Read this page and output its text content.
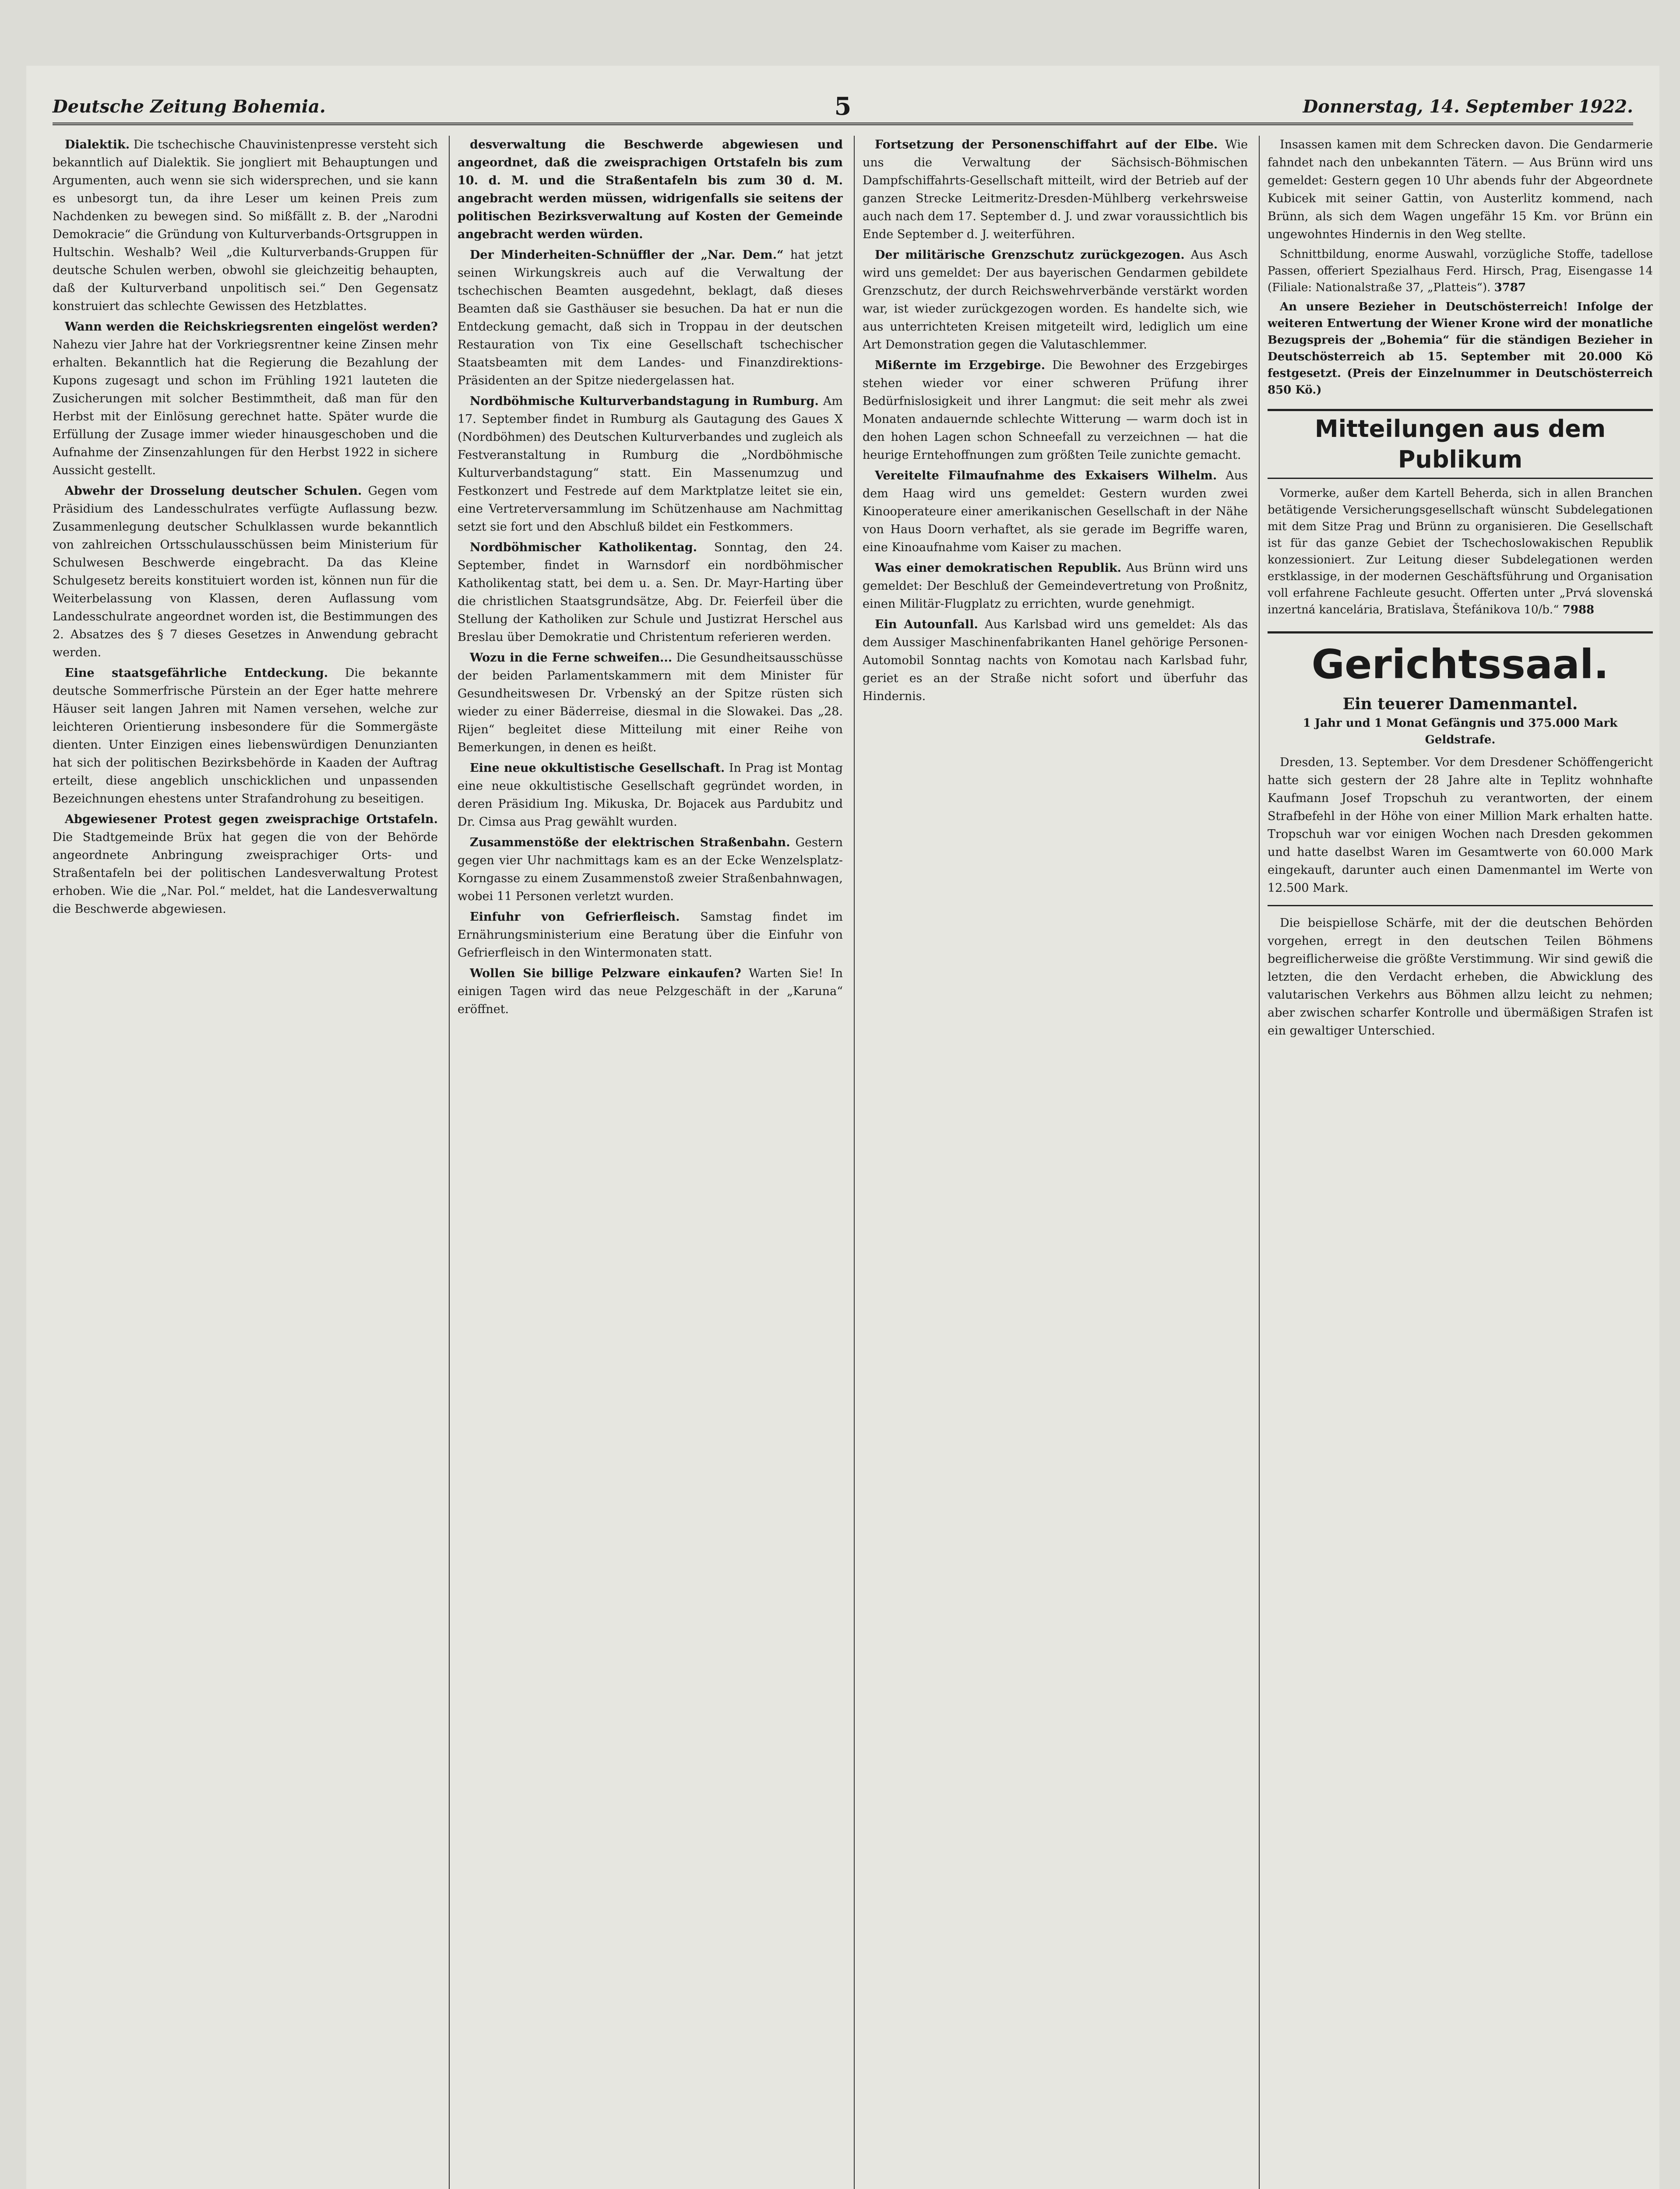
Deutsche Zeitung Bohemia.	5	Donnerstag, 14. September 1922.

Dialektik. Die tschechische Chauvinistenpresse versteht sich bekanntlich auf Dialektik. Sie jongliert mit Behauptungen und Argumenten, auch wenn sie sich widersprechen, und sie kann es unbesorgt tun, da ihre Leser um keinen Preis zum Nachdenken zu bewegen sind. So mißfällt z. B. der „Narodni Demokracie“ die Gründung von Kulturverbands-Ortsgruppen in Hultschin. Weshalb? Weil „die Kulturverbands-Gruppen für deutsche Schulen werben, obwohl sie gleichzeitig behaupten, daß der Kulturverband unpolitisch sei.“ Den Gegensatz konstruiert das schlechte Gewissen des Hetzblattes.

Wann werden die Reichskriegsrenten eingelöst werden? Nahezu vier Jahre hat der Vorkriegsrentner keine Zinsen mehr erhalten. Bekanntlich hat die Regierung die Bezahlung der Kupons zugesagt und schon im Frühling 1921 lauteten die Zusicherungen mit solcher Bestimmtheit, daß man für den Herbst mit der Einlösung gerechnet hatte. Später wurde die Erfüllung der Zusage immer wieder hinausgeschoben und die Aufnahme der Zinsenzahlungen für den Herbst 1922 in sichere Aussicht gestellt.

Abwehr der Drosselung deutscher Schulen. Gegen vom Präsidium des Landesschulrates verfügte Auflassung bezw. Zusammenlegung deutscher Schulklassen wurde bekanntlich von zahlreichen Ortsschulausschüssen beim Ministerium für Schulwesen Beschwerde eingebracht. Da das Kleine Schulgesetz bereits konstituiert worden ist, können nun für die Weiterbelassung von Klassen, deren Auflassung vom Landesschulrate angeordnet worden ist, die Bestimmungen des 2. Absatzes des § 7 dieses Gesetzes in Anwendung gebracht werden.

Eine staatsgefährliche Entdeckung. Die bekannte deutsche Sommerfrische Pürstein an der Eger hatte mehrere Häuser seit langen Jahren mit Namen versehen, welche zur leichteren Orientierung insbesondere für die Sommergäste dienten. Unter Einzigen eines liebenswürdigen Denunzianten hat sich der politischen Bezirksbehörde in Kaaden der Auftrag erteilt, diese angeblich unschicklichen und unpassenden Bezeichnungen ehestens unter Strafandrohung zu beseitigen.

Abgewiesener Protest gegen zweisprachige Ortstafeln. Die Stadtgemeinde Brüx hat gegen die von der Behörde angeordnete Anbringung zweisprachiger Orts- und Straßentafeln bei der politischen Landesverwaltung Protest erhoben. Wie die „Nar. Pol.“ meldet, hat die Landesverwaltung die Beschwerde abgewiesen.

desverwaltung die Beschwerde abgewiesen und angeordnet, daß die zweisprachigen Ortstafeln bis zum 10. d. M. und die Straßentafeln bis zum 30 d. M. angebracht werden müssen, widrigenfalls sie seitens der politischen Bezirksverwaltung auf Kosten der Gemeinde angebracht werden würden.

Der Minderheiten-Schnüffler der „Nar. Dem.“ hat jetzt seinen Wirkungskreis auch auf die Verwaltung der tschechischen Beamten ausgedehnt, beklagt, daß dieses Beamten daß sie Gasthäuser sie besuchen. Da hat er nun die Entdeckung gemacht, daß sich in Troppau in der deutschen Restauration von Tix eine Gesellschaft tschechischer Staatsbeamten mit dem Landes- und Finanzdirektions-Präsidenten an der Spitze niedergelassen hat.

Nordböhmische Kulturverbandstagung in Rumburg. Am 17. September findet in Rumburg als Gautagung des Gaues X (Nordböhmen) des Deutschen Kulturverbandes und zugleich als Festveranstaltung in Rumburg die „Nordböhmische Kulturverbandstagung“ statt. Ein Massenumzug und Festkonzert und Festrede auf dem Marktplatze leitet sie ein, eine Vertreterversammlung im Schützenhause am Nachmittag setzt sie fort und den Abschluß bildet ein Festkommers.

Nordböhmischer Katholikentag. Sonntag, den 24. September, findet in Warnsdorf ein nordböhmischer Katholikentag statt, bei dem u. a. Sen. Dr. Mayr-Harting über die christlichen Staatsgrundsätze, Abg. Dr. Feierfeil über die Stellung der Katholiken zur Schule und Justizrat Herschel aus Breslau über Demokratie und Christentum referieren werden.

Wozu in die Ferne schweifen... Die Gesundheitsausschüsse der beiden Parlamentskammern mit dem Minister für Gesundheitswesen Dr. Vrbenský an der Spitze rüsten sich wieder zu einer Bäderreise, diesmal in die Slowakei. Das „28. Rijen“ begleitet diese Mitteilung mit einer Reihe von Bemerkungen, in denen es heißt.

Eine neue okkultistische Gesellschaft. In Prag ist Montag eine neue okkultistische Gesellschaft gegründet worden, in deren Präsidium Ing. Mikuska, Dr. Bojacek aus Pardubitz und Dr. Cimsa aus Prag gewählt wurden.

Zusammenstöße der elektrischen Straßenbahn. Gestern gegen vier Uhr nachmittags kam es an der Ecke Wenzelsplatz-Korngasse zu einem Zusammenstoß zweier Straßenbahnwagen, wobei 11 Personen verletzt wurden.

Einfuhr von Gefrierfleisch. Samstag findet im Ernährungsministerium eine Beratung über die Einfuhr von Gefrierfleisch in den Wintermonaten statt.

Wollen Sie billige Pelzware einkaufen? Warten Sie! In einigen Tagen wird das neue Pelzgeschäft in der „Karuna“ eröffnet.

Fortsetzung der Personenschiffahrt auf der Elbe. Wie uns die Verwaltung der Sächsisch-Böhmischen Dampfschiffahrts-Gesellschaft mitteilt, wird der Betrieb auf der ganzen Strecke Leitmeritz-Dresden-Mühlberg verkehrsweise auch nach dem 17. September d. J. und zwar voraussichtlich bis Ende September d. J. weiterführen.

Der militärische Grenzschutz zurückgezogen. Aus Asch wird uns gemeldet: Der aus bayerischen Gendarmen gebildete Grenzschutz, der durch Reichswehrverbände verstärkt worden war, ist wieder zurückgezogen worden. Es handelte sich, wie aus unterrichteten Kreisen mitgeteilt wird, lediglich um eine Art Demonstration gegen die Valutaschlemmer.

Mißernte im Erzgebirge. Die Bewohner des Erzgebirges stehen wieder vor einer schweren Prüfung ihrer Bedürfnislosigkeit und ihrer Langmut: die seit mehr als zwei Monaten andauernde schlechte Witterung — warm doch ist in den hohen Lagen schon Schneefall zu verzeichnen — hat die heurige Erntehoffnungen zum größten Teile zunichte gemacht.

Vereitelte Filmaufnahme des Exkaisers Wilhelm. Aus dem Haag wird uns gemeldet: Gestern wurden zwei Kinooperateure einer amerikanischen Gesellschaft in der Nähe von Haus Doorn verhaftet, als sie gerade im Begriffe waren, eine Kinoaufnahme vom Kaiser zu machen.

Was einer demokratischen Republik. Aus Brünn wird uns gemeldet: Der Beschluß der Gemeindevertretung von Proßnitz, einen Militär-Flugplatz zu errichten, wurde genehmigt.

Ein Autounfall. Aus Karlsbad wird uns gemeldet: Als das dem Aussiger Maschinenfabrikanten Hanel gehörige Personen-Automobil Sonntag nachts von Komotau nach Karlsbad fuhr, geriet es an der Straße nicht sofort und überfuhr das Hindernis.

Insassen kamen mit dem Schrecken davon. Die Gendarmerie fahndet nach den unbekannten Tätern. — Aus Brünn wird uns gemeldet: Gestern gegen 10 Uhr abends fuhr der Abgeordnete Kubicek mit seiner Gattin, von Austerlitz kommend, nach Brünn, als sich dem Wagen ungefähr 15 Km. vor Brünn ein ungewohntes Hindernis in den Weg stellte.

Schnittbildung, enorme Auswahl, vorzügliche Stoffe, tadellose Passen, offeriert Spezialhaus Ferd. Hirsch, Prag, Eisengasse 14 (Filiale: Nationalstraße 37, „Platteis“). 3787

An unsere Bezieher in Deutschösterreich! Infolge der weiteren Entwertung der Wiener Krone wird der monatliche Bezugspreis der „Bohemia“ für die ständigen Bezieher in Deutschösterreich ab 15. September mit 20.000 Kö festgesetzt. (Preis der Einzelnummer in Deutschösterreich 850 Kö.)

Mitteilungen aus dem Publikum

Vormerke, außer dem Kartell Beherda, sich in allen Branchen betätigende Versicherungsgesellschaft wünscht Subdelegationen mit dem Sitze Prag und Brünn zu organisieren. Die Gesellschaft ist für das ganze Gebiet der Tschechoslowakischen Republik konzessioniert. Zur Leitung dieser Subdelegationen werden erstklassige, in der modernen Geschäftsführung und Organisation voll erfahrene Fachleute gesucht. Offerten unter „Prvá slovenská inzertná kancelária, Bratislava, Štefánikova 10/b.“ 7988

Gerichtssaal.
Ein teuerer Damenmantel.
1 Jahr und 1 Monat Gefängnis und 375.000 Mark Geldstrafe.

Dresden, 13. September. Vor dem Dresdener Schöffengericht hatte sich gestern der 28 Jahre alte in Teplitz wohnhafte Kaufmann Josef Tropschuh zu verantworten, der einem Strafbefehl in der Höhe von einer Million Mark erhalten hatte. Tropschuh war vor einigen Wochen nach Dresden gekommen und hatte daselbst Waren im Gesamtwerte von 60.000 Mark eingekauft, darunter auch einen Damenmantel im Werte von 12.500 Mark.

Die beispiellose Schärfe, mit der die deutschen Behörden vorgehen, erregt in den deutschen Teilen Böhmens begreiflicherweise die größte Verstimmung. Wir sind gewiß die letzten, die den Verdacht erheben, die Abwicklung des valutarischen Verkehrs aus Böhmen allzu leicht zu nehmen; aber zwischen scharfer Kontrolle und übermäßigen Strafen ist ein gewaltiger Unterschied.
